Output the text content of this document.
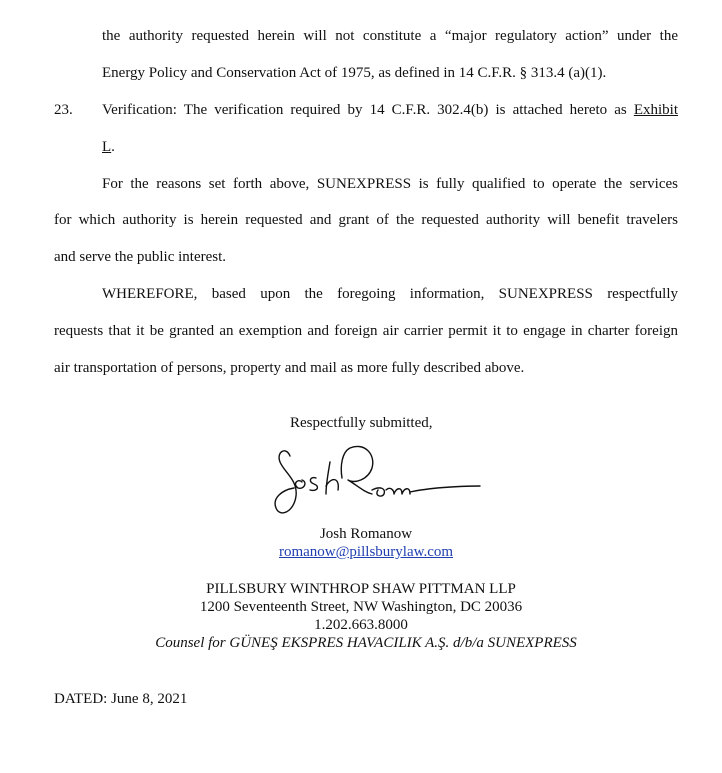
the authority requested herein will not constitute a “major regulatory action” under the
Energy Policy and Conservation Act of 1975, as defined in 14 C.F.R. § 313.4 (a)(1).
23. Verification: The verification required by 14 C.F.R. 302.4(b) is attached hereto as Exhibit
L.
For the reasons set forth above, SUNEXPRESS is fully qualified to operate the services
for which authority is herein requested and grant of the requested authority will benefit travelers
and serve the public interest.
WHEREFORE, based upon the foregoing information, SUNEXPRESS respectfully
requests that it be granted an exemption and foreign air carrier permit it to engage in charter foreign
air transportation of persons, property and mail as more fully described above.
Respectfully submitted,
Josh Romanow
romanow@pillsburylaw.com
PILLSBURY WINTHROP SHAW PITTMAN LLP
1200 Seventeenth Street, NW Washington, DC 20036
1.202.663.8000
Counsel for GÜNEŞ EKSPRES HAVACILIK A.Ş. d/b/a SUNEXPRESS
DATED: June 8, 2021
